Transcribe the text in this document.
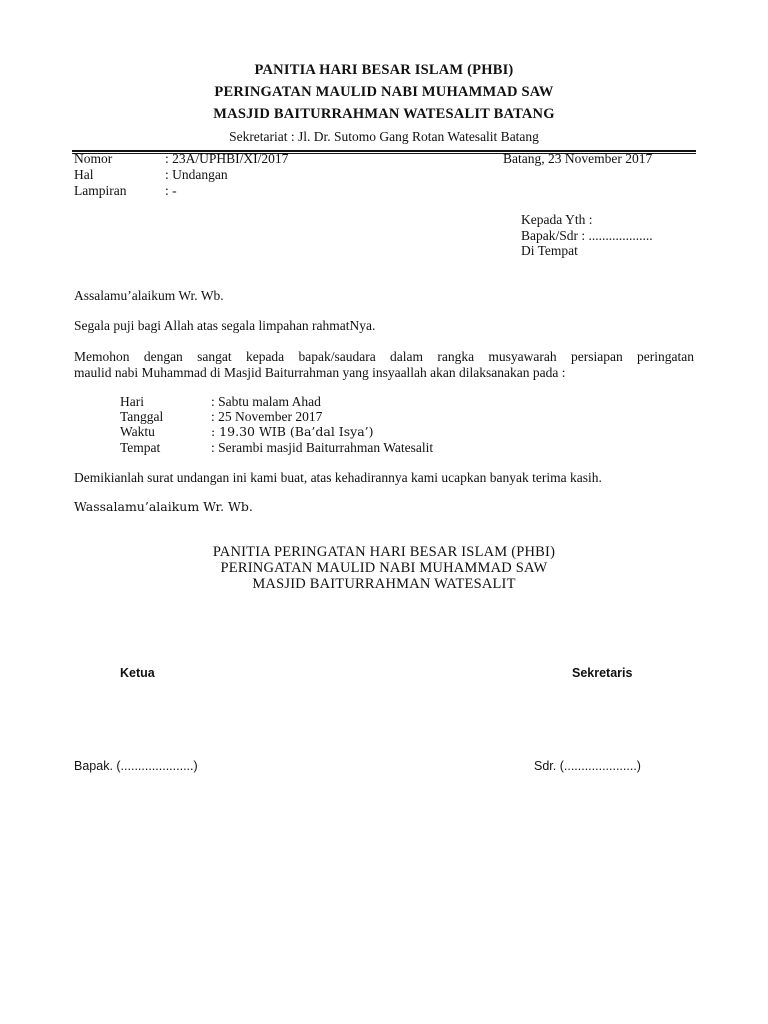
PANITIA HARI BESAR ISLAM (PHBI)
PERINGATAN MAULID NABI MUHAMMAD SAW
MASJID BAITURRAHMAN WATESALIT BATANG
Sekretariat : Jl. Dr. Sutomo Gang Rotan Watesalit Batang
Nomor	: 23A/UPHBI/XI/2017	Batang, 23 November 2017
Hal	: Undangan
Lampiran	: -
Kepada Yth :
Bapak/Sdr : ...................
Di Tempat
Assalamu’alaikum Wr. Wb.
Segala puji bagi Allah atas segala limpahan rahmatNya.
Memohon dengan sangat kepada bapak/saudara dalam rangka musyawarah persiapan peringatan
maulid nabi Muhammad di Masjid Baiturrahman yang insyaallah akan dilaksanakan pada :
Hari	: Sabtu malam Ahad
Tanggal	: 25 November 2017
Waktu	: 19.30 WIB (Ba’dal Isya’)
Tempat	: Serambi masjid Baiturrahman Watesalit
Demikianlah surat undangan ini kami buat, atas kehadirannya kami ucapkan banyak terima kasih.
Wassalamu’alaikum Wr. Wb.
PANITIA PERINGATAN HARI BESAR ISLAM (PHBI)
PERINGATAN MAULID NABI MUHAMMAD SAW
MASJID BAITURRAHMAN WATESALIT
Ketua	Sekretaris
Bapak. (.....................)	Sdr. (.....................)
